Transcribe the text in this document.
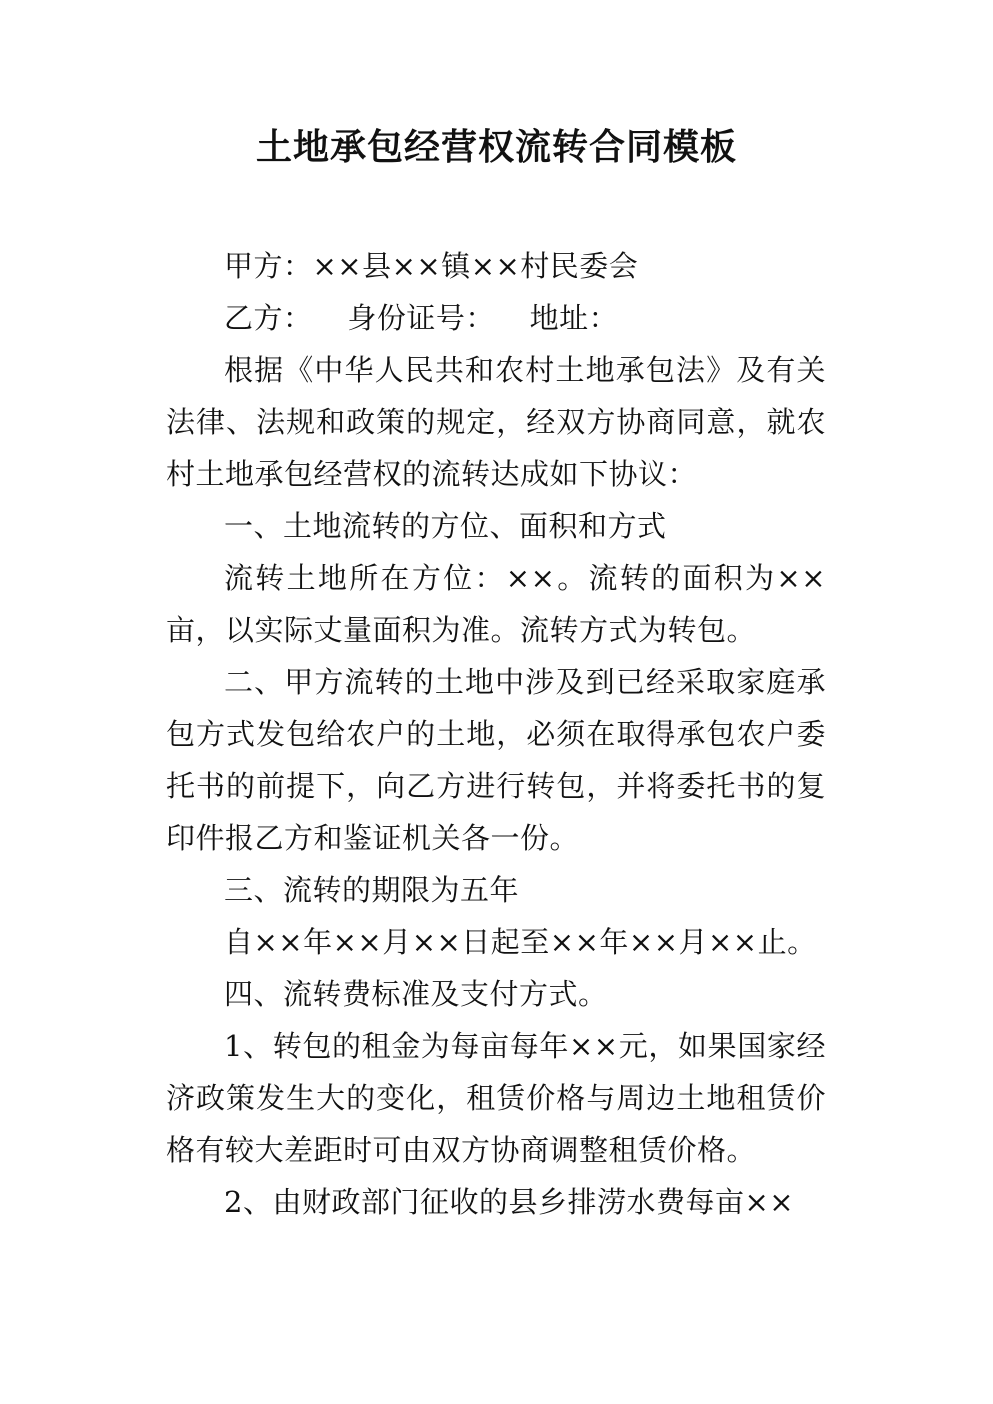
土地承包经营权流转合同模板

甲方：××县××镇××村民委会

乙方： 身份证号： 地址：

根据《中华人民共和农村土地承包法》及有关法律、法规和政策的规定，经双方协商同意，就农村土地承包经营权的流转达成如下协议：

一、土地流转的方位、面积和方式

流转土地所在方位：××。流转的面积为××亩，以实际丈量面积为准。流转方式为转包。

二、甲方流转的土地中涉及到已经采取家庭承包方式发包给农户的土地，必须在取得承包农户委托书的前提下，向乙方进行转包，并将委托书的复印件报乙方和鉴证机关各一份。

三、流转的期限为五年

自××年××月××日起至××年××月××止。

四、流转费标准及支付方式。

1、转包的租金为每亩每年××元，如果国家经济政策发生大的变化，租赁价格与周边土地租赁价格有较大差距时可由双方协商调整租赁价格。

2、由财政部门征收的县乡排涝水费每亩××
